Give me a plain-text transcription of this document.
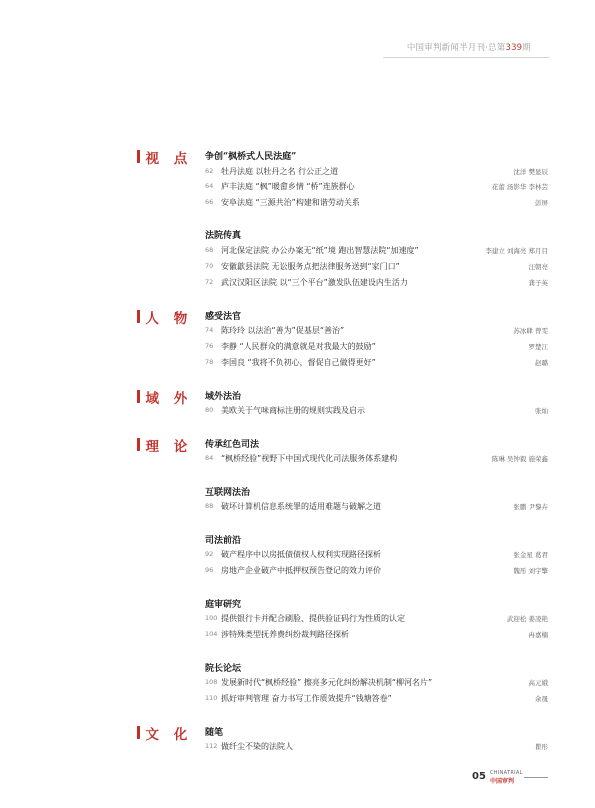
中国审判新闻半月刊·总第339期
视 点 争创“枫桥式人民法庭”
62 牡丹法庭 以牡丹之名 行公正之道	沈洋 樊显辰
64 庐丰法庭 “枫”暖畲乡情 “桥”连族群心	花蕾 汤影华 李林芸
66 安阜法庭 “三源共治”构建和谐劳动关系	彭屏
法院传真
68 河北保定法院 办公办案无“纸”境 跑出智慧法院“加速度”	李建立 刘海亮 郑月目
70 安徽歙县法院 无讼服务点把法律服务送到“家门口”	汪朝亮
72 武汉汉阳区法院 以“三个平台”激发队伍建设内生活力	龚子英
人 物 感受法官
74 陈玲玲 以法治“善为”促基层“善治”	苏冰肆 曾雯
76 李静 “人民群众的满意就是对我最大的鼓励”	罗楚江
78 李国良 “我将不负初心，督促自己做得更好”	赵璐
域 外 域外法治
80 美欧关于气味商标注册的规则实践及启示	张灿
理 论 传承红色司法
84 “枫桥经验”视野下中国式现代化司法服务体系建构	陈琳 吴钟毅 施荣鑫
互联网法治
88 破坏计算机信息系统罪的适用难题与破解之道	张鹏 尹黎卉
司法前沿
92 破产程序中以房抵债债权人权利实现路径探析	张金星 葛君
96 房地产企业破产中抵押权预告登记的效力评价	魏彤 刘宇擎
庭审研究
100 提供银行卡并配合刷脸、提供验证码行为性质的认定	武迎松 姜凌艳
104 涉特殊类型抚养费纠纷裁判路径探析	冉嘉楠
院长论坛
108 发展新时代“枫桥经验” 擦亮多元化纠纷解决机制“柳河名片”	高元娥
110 抓好审判管理 奋力书写工作质效提升“钱塘答卷”	余晟
文 化 随笔
112 做纤尘不染的法院人	瞿彤
05 CHINATRIAL
中国审判
